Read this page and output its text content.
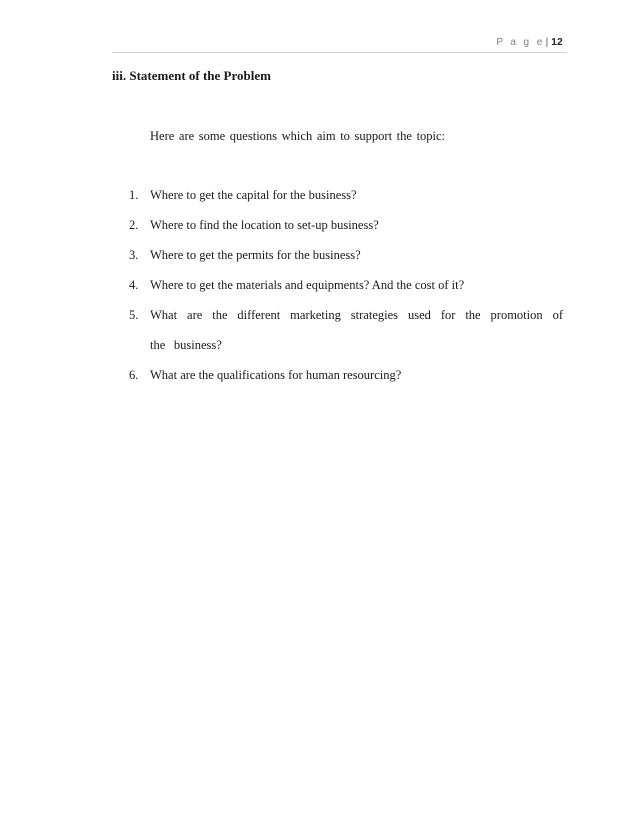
P a g e| 12
iii. Statement of the Problem
Here are some questions which aim to support the topic:
1. Where to get the capital for the business?
2. Where to find the location to set-up business?
3. Where to get the permits for the business?
4. Where to get the materials and equipments? And the cost of it?
5. What are the different marketing strategies used for the promotion of the business?
6. What are the qualifications for human resourcing?
